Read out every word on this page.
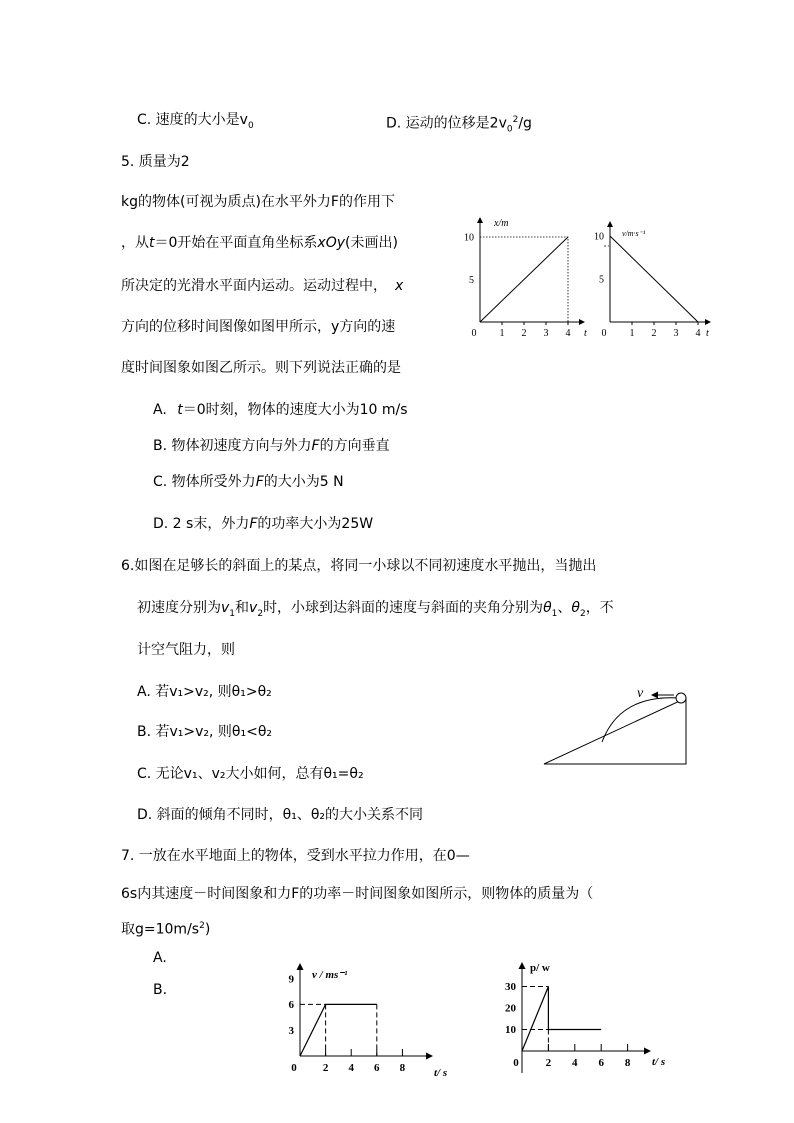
C. 速度的大小是$v_0$	D. 运动的位移是$2v_0^2/g$
5. 质量为2
kg的物体(可视为质点)在水平外力F的作用下
，从t＝0开始在平面直角坐标系xOy(未画出)
所决定的光滑水平面内运动。运动过程中， x
方向的位移时间图像如图甲所示，y方向的速
度时间图象如图乙所示。则下列说法正确的是
A. t＝0时刻，物体的速度大小为10 m/s
B. 物体初速度方向与外力F的方向垂直
C. 物体所受外力F的大小为5 N
D. 2 s末，外力F的功率大小为25W
x/m
t
0 1 2 3 4
5
10	v/m·s⁻¹
t
0 1 2 3 4
5
10
6.如图在足够长的斜面上的某点，将同一小球以不同初速度水平抛出，当抛出
初速度分别为$v_1$和$v_2$时，小球到达斜面的速度与斜面的夹角分别为$\theta_1$、$\theta_2$，不
计空气阻力，则
A. 若v₁>v₂, 则θ₁>θ₂
B. 若v₁>v₂, 则θ₁<θ₂
C. 无论v₁、v₂大小如何，总有θ₁=θ₂
D. 斜面的倾角不同时，θ₁、θ₂的大小关系不同
v
7. 一放在水平地面上的物体，受到水平拉力作用，在0—
6s内其速度－时间图象和力F的功率－时间图象如图所示，则物体的质量为（
取$g=10m/s^2$)
A.
B.
v / ms⁻¹
t/ s
0 2 4 6 8
3
6
9
p/ w
t/ s
0 2 4 6 8
10
20
30
